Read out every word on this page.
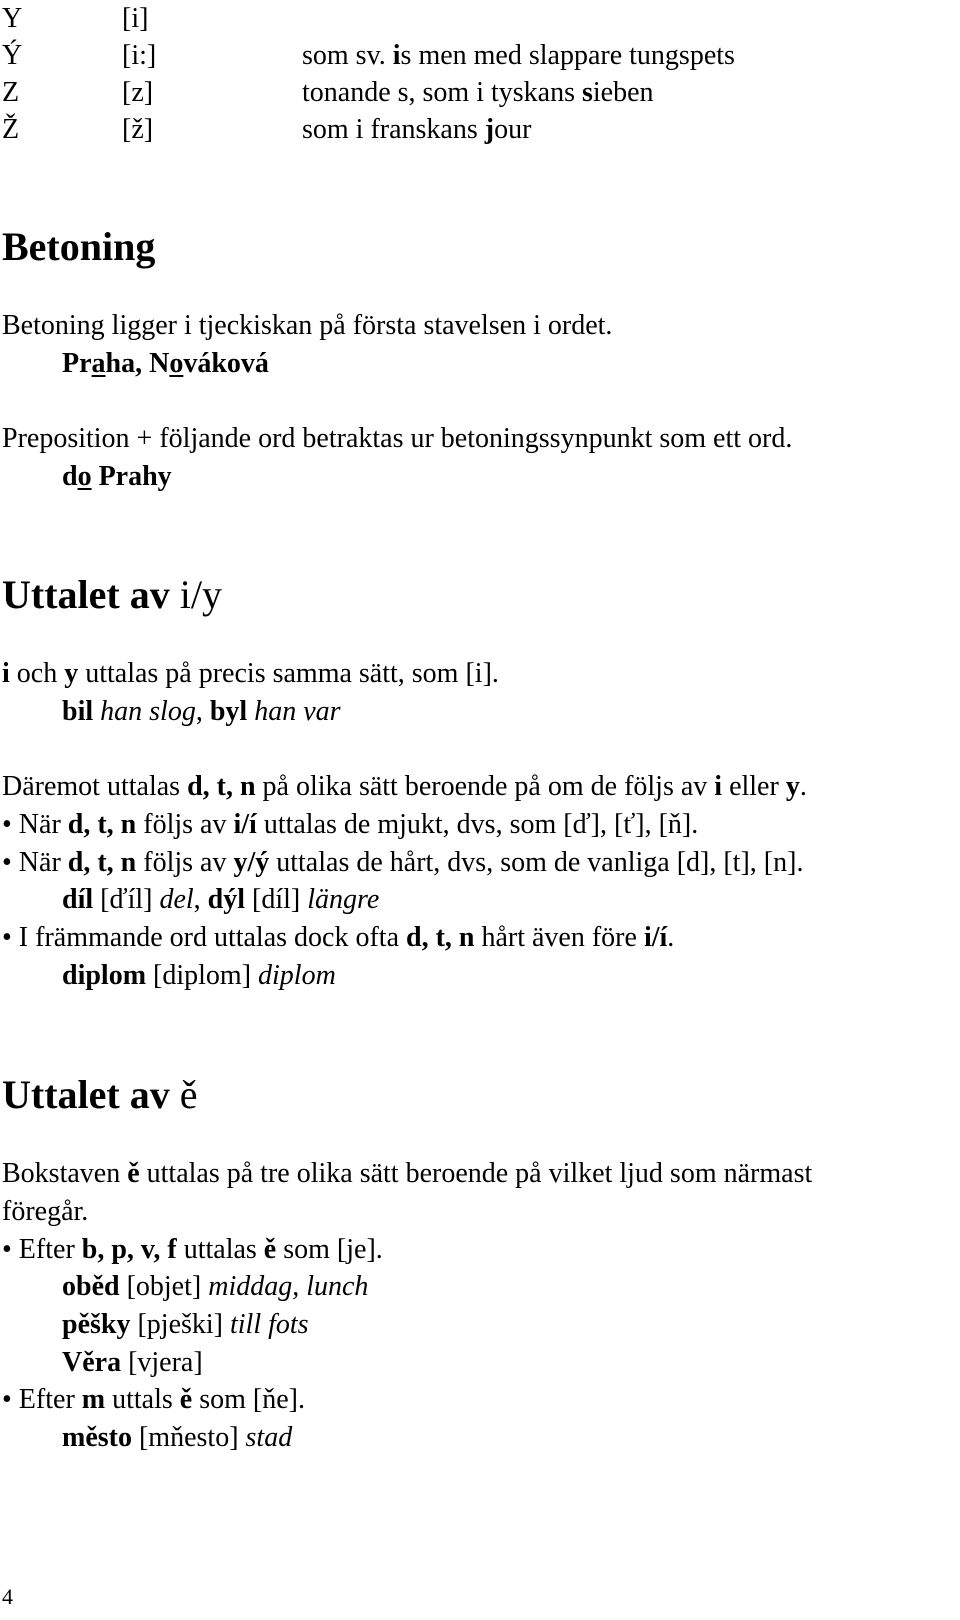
Y	[i]
Ý	[i:]	som sv. is men med slappare tungspets
Z	[z]	tonande s, som i tyskans sieben
Ž	[ž]	som i franskans jour
Betoning
Betoning ligger i tjeckiskan på första stavelsen i ordet.
Praha, Nováková
Preposition + följande ord betraktas ur betoningssynpunkt som ett ord.
do Prahy
Uttalet av i/y
i och y uttalas på precis samma sätt, som [i].
bil han slog, byl han var
Däremot uttalas d, t, n på olika sätt beroende på om de följs av i eller y.
• När d, t, n följs av i/í uttalas de mjukt, dvs, som [ď], [ť], [ň].
• När d, t, n följs av y/ý uttalas de hårt, dvs, som de vanliga [d], [t], [n].
díl [ďíl] del, dýl [díl] längre
• I främmande ord uttalas dock ofta d, t, n hårt även före i/í.
diplom [diplom] diplom
Uttalet av ě
Bokstaven ě uttalas på tre olika sätt beroende på vilket ljud som närmast
föregår.
• Efter b, p, v, f uttalas ě som [je].
oběd [objet] middag, lunch
pěšky [pješki] till fots
Věra [vjera]
• Efter m uttals ě som [ňe].
město [mňesto] stad
4
